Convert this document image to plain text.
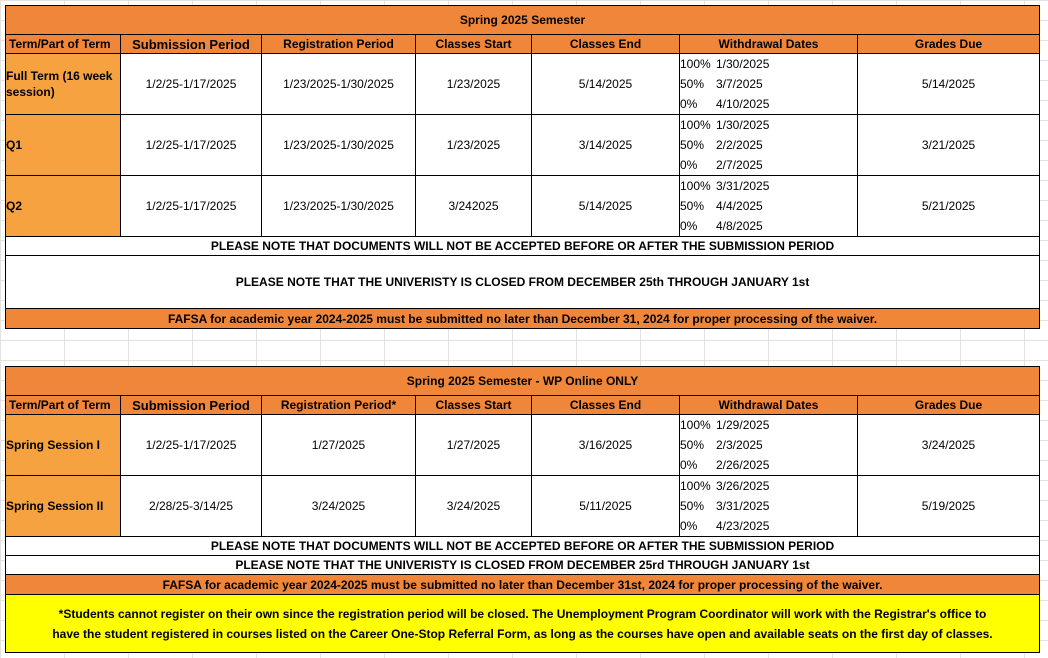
Spring 2025 Semester						
Term/Part of Term	Submission Period	Registration Period	Classes Start	Classes End	Withdrawal Dates	Grades Due
Full Term (16 week session)	1/2/25-1/17/2025	1/23/2025-1/30/2025	1/23/2025	5/14/2025	100% 1/30/2025
50% 3/7/2025
0% 4/10/2025	5/14/2025
Q1	1/2/25-1/17/2025	1/23/2025-1/30/2025	1/23/2025	3/14/2025	100% 1/30/2025
50% 2/2/2025
0% 2/7/2025	3/21/2025
Q2	1/2/25-1/17/2025	1/23/2025-1/30/2025	3/242025	5/14/2025	100% 3/31/2025
50% 4/4/2025
0% 4/8/2025	5/21/2025
PLEASE NOTE THAT DOCUMENTS WILL NOT BE ACCEPTED BEFORE OR AFTER THE SUBMISSION PERIOD						
PLEASE NOTE THAT THE UNIVERISTY IS CLOSED FROM DECEMBER 25th THROUGH JANUARY 1st						
FAFSA for academic year 2024-2025 must be submitted no later than December 31, 2024 for proper processing of the waiver.						
Spring 2025 Semester - WP Online ONLY						
Term/Part of Term	Submission Period	Registration Period*	Classes Start	Classes End	Withdrawal Dates	Grades Due
Spring Session I	1/2/25-1/17/2025	1/27/2025	1/27/2025	3/16/2025	100% 1/29/2025
50% 2/3/2025
0% 2/26/2025	3/24/2025
Spring Session II	2/28/25-3/14/25	3/24/2025	3/24/2025	5/11/2025	100% 3/26/2025
50% 3/31/2025
0% 4/23/2025	5/19/2025
PLEASE NOTE THAT DOCUMENTS WILL NOT BE ACCEPTED BEFORE OR AFTER THE SUBMISSION PERIOD						
PLEASE NOTE THAT THE UNIVERISTY IS CLOSED FROM DECEMBER 25rd THROUGH JANUARY 1st						
FAFSA for academic year 2024-2025 must be submitted no later than December 31st, 2024 for proper processing of the waiver.						

*Students cannot register on their own since the registration period will be closed. The Unemployment Program Coordinator will work with the Registrar's office to
have the student registered in courses listed on the Career One-Stop Referral Form, as long as the courses have open and available seats on the first day of classes.						
